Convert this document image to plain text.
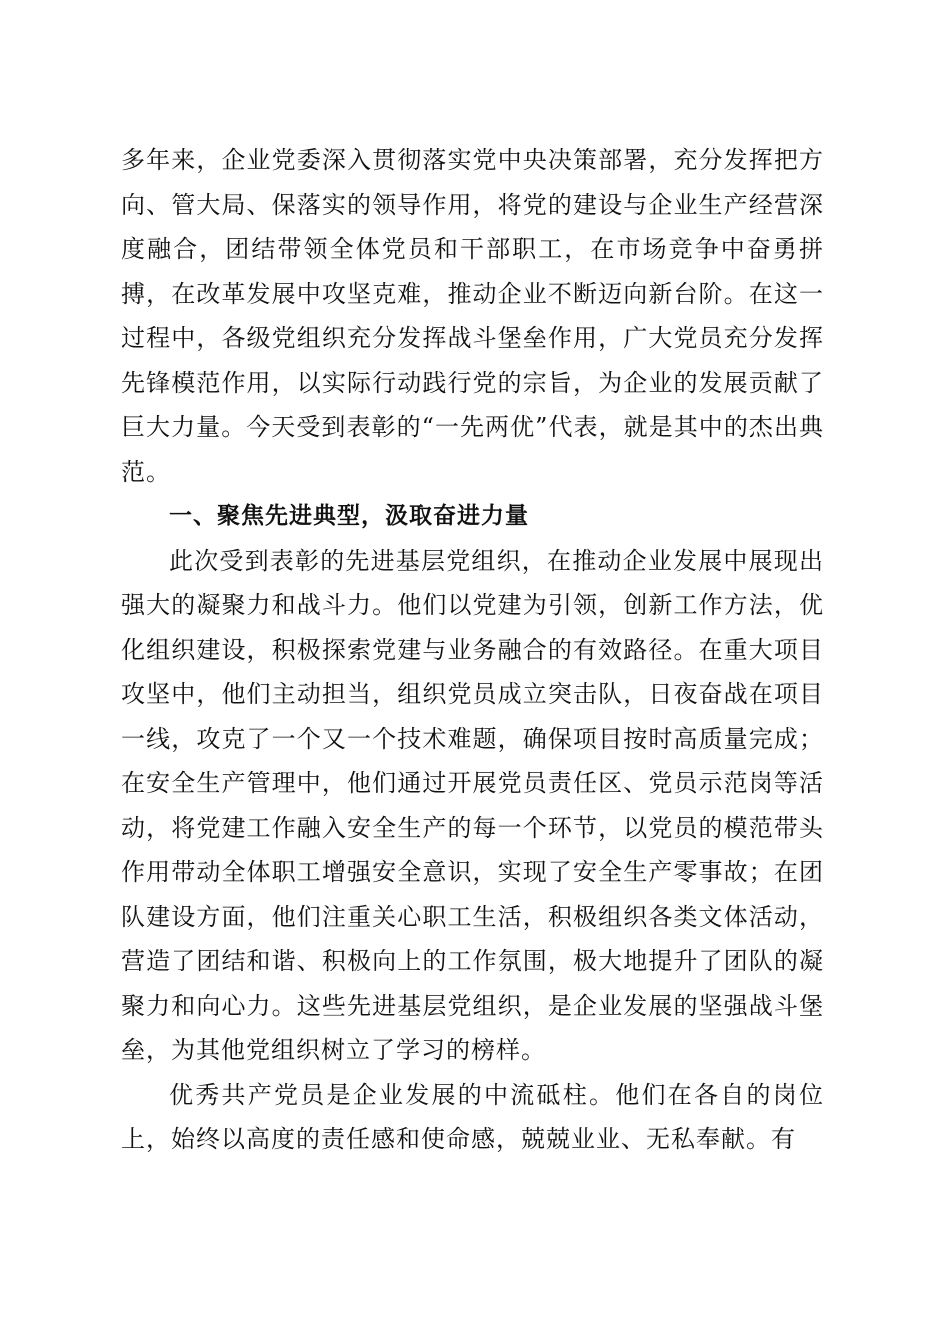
多年来，企业党委深入贯彻落实党中央决策部署，充分发挥把方向、管大局、保落实的领导作用，将党的建设与企业生产经营深度融合，团结带领全体党员和干部职工，在市场竞争中奋勇拼搏，在改革发展中攻坚克难，推动企业不断迈向新台阶。在这一过程中，各级党组织充分发挥战斗堡垒作用，广大党员充分发挥先锋模范作用，以实际行动践行党的宗旨，为企业的发展贡献了巨大力量。今天受到表彰的“一先两优”代表，就是其中的杰出典范。

一、聚焦先进典型，汲取奋进力量

此次受到表彰的先进基层党组织，在推动企业发展中展现出强大的凝聚力和战斗力。他们以党建为引领，创新工作方法，优化组织建设，积极探索党建与业务融合的有效路径。在重大项目攻坚中，他们主动担当，组织党员成立突击队，日夜奋战在项目一线，攻克了一个又一个技术难题，确保项目按时高质量完成；在安全生产管理中，他们通过开展党员责任区、党员示范岗等活动，将党建工作融入安全生产的每一个环节，以党员的模范带头作用带动全体职工增强安全意识，实现了安全生产零事故；在团队建设方面，他们注重关心职工生活，积极组织各类文体活动，营造了团结和谐、积极向上的工作氛围，极大地提升了团队的凝聚力和向心力。这些先进基层党组织，是企业发展的坚强战斗堡垒，为其他党组织树立了学习的榜样。

优秀共产党员是企业发展的中流砥柱。他们在各自的岗位上，始终以高度的责任感和使命感，兢兢业业、无私奉献。有
